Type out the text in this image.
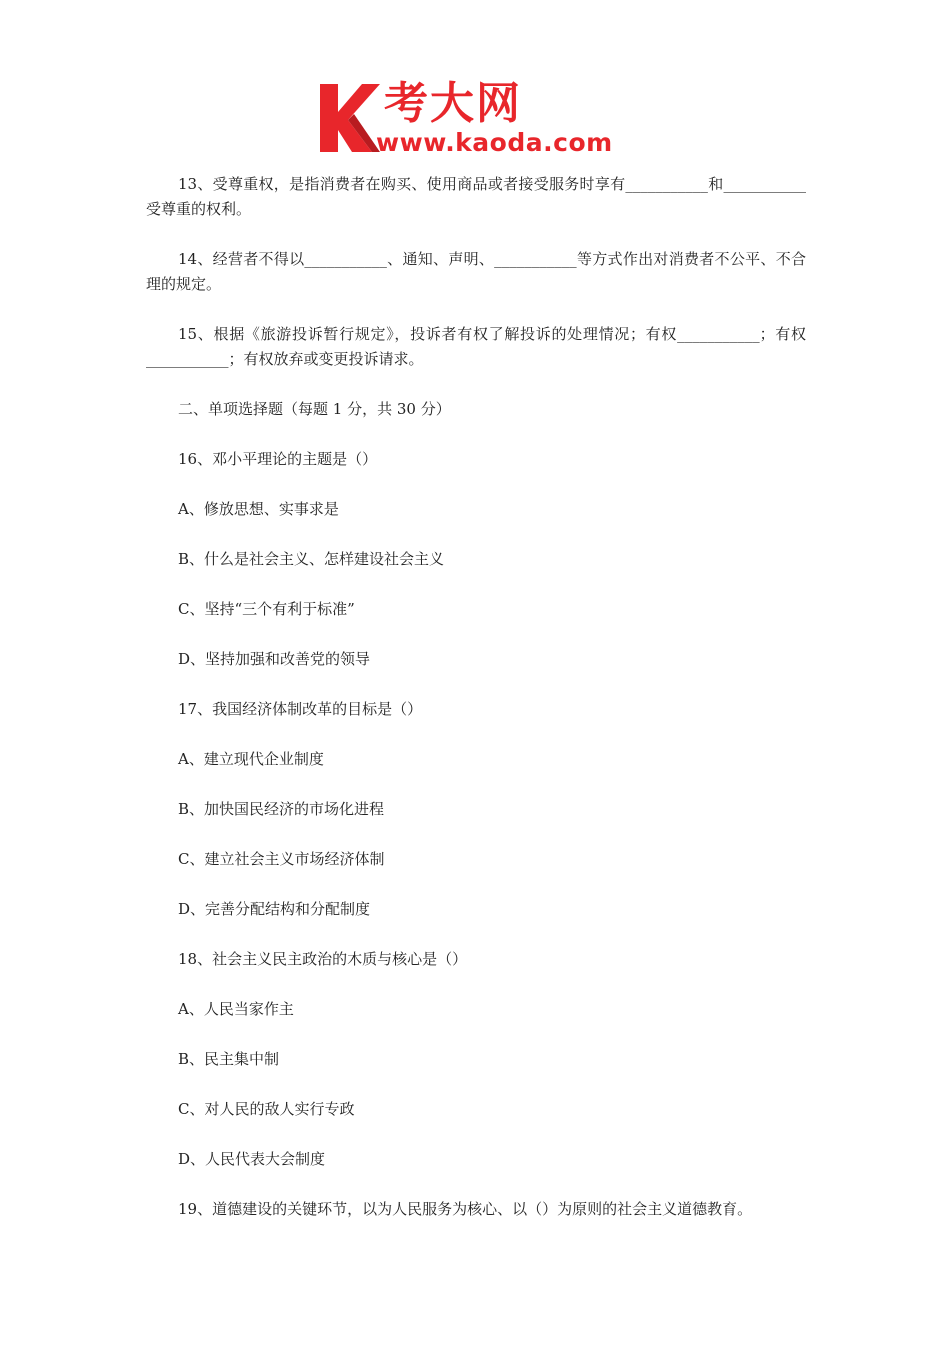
考大网
www.kaoda.com

13、受尊重权，是指消费者在购买、使用商品或者接受服务时享有___________和___________受尊重的权利。

14、经营者不得以___________、通知、声明、___________等方式作出对消费者不公平、不合理的规定。

15、根据《旅游投诉暂行规定》，投诉者有权了解投诉的处理情况；有权___________；有权___________；有权放弃或变更投诉请求。

二、单项选择题（每题 1 分，共 30 分）

16、邓小平理论的主题是（）

A、修放思想、实事求是

B、什么是社会主义、怎样建设社会主义

C、坚持“三个有利于标准”

D、坚持加强和改善党的领导

17、我国经济体制改革的目标是（）

A、建立现代企业制度

B、加快国民经济的市场化进程

C、建立社会主义市场经济体制

D、完善分配结构和分配制度

18、社会主义民主政治的木质与核心是（）

A、人民当家作主

B、民主集中制

C、对人民的敌人实行专政

D、人民代表大会制度

19、道德建设的关键环节，以为人民服务为核心、以（）为原则的社会主义道德教育。
